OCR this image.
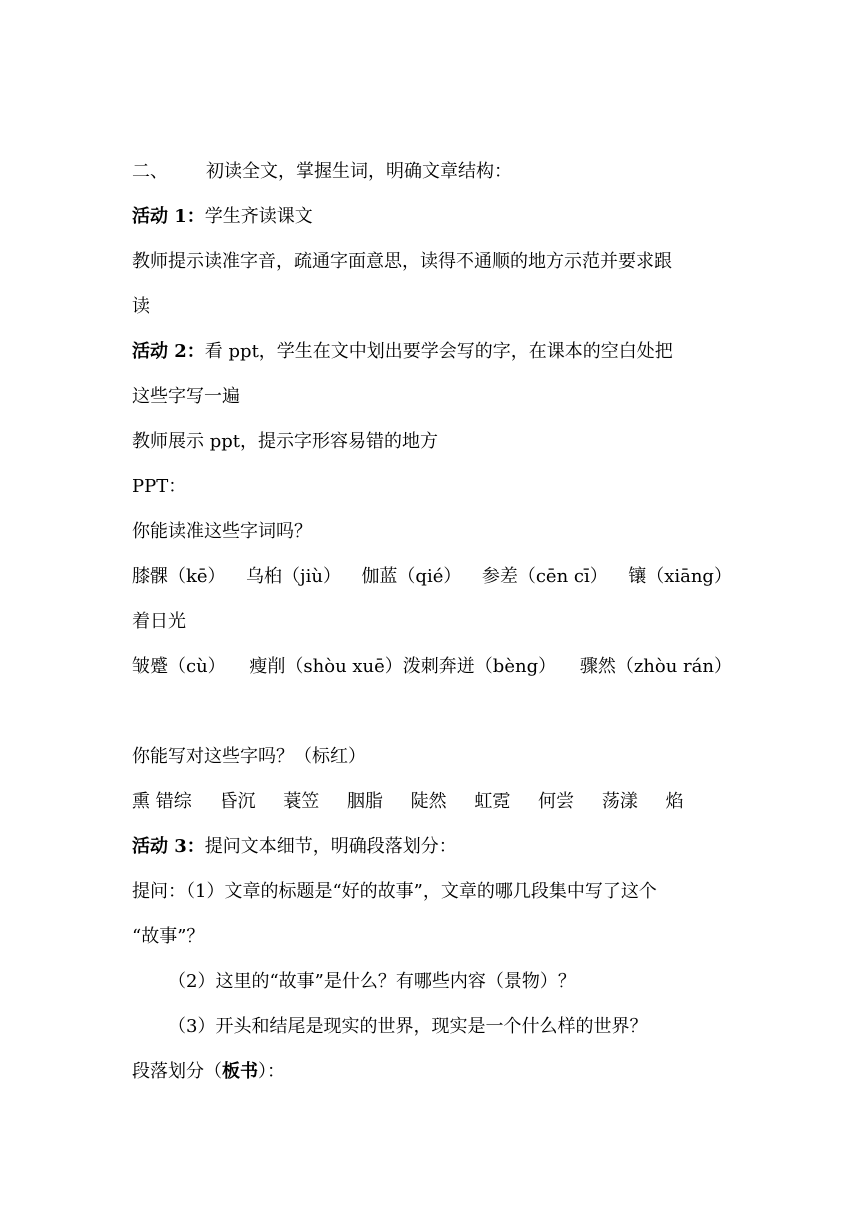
二、 初读全文，掌握生词，明确文章结构：
活动 1：学生齐读课文
教师提示读准字音，疏通字面意思，读得不通顺的地方示范并要求跟
读
活动 2：看 ppt，学生在文中划出要学会写的字，在课本的空白处把
这些字写一遍
教师展示 ppt，提示字形容易错的地方
PPT：
你能读准这些字词吗？
膝髁（kē） 乌桕（jiù） 伽蓝（qié） 参差（cēn cī） 镶（xiāng）
着日光
皱蹙（cù） 瘦削（shòu xuē）泼刺奔迸（bèng） 骤然（zhòu rán）
你能写对这些字吗？（标红）
熏 错综 昏沉 蓑笠 胭脂 陡然 虹霓 何尝 荡漾 焰
活动 3：提问文本细节，明确段落划分：
提问：（1）文章的标题是“好的故事”，文章的哪几段集中写了这个
“故事”？
（2）这里的“故事”是什么？有哪些内容（景物）？
（3）开头和结尾是现实的世界，现实是一个什么样的世界？
段落划分（板书）：
